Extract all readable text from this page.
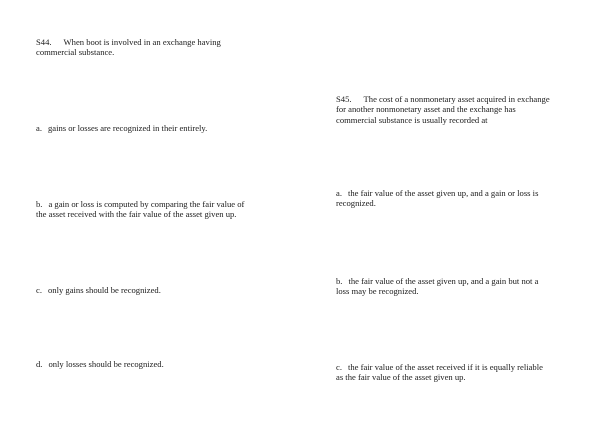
S44. When boot is involved in an exchange having
commercial substance.
a. gains or losses are recognized in their entirely.
b. a gain or loss is computed by comparing the fair value of
the asset received with the fair value of the asset given up.
c. only gains should be recognized.
d. only losses should be recognized.
S45. The cost of a nonmonetary asset acquired in exchange
for another nonmonetary asset and the exchange has
commercial substance is usually recorded at
a. the fair value of the asset given up, and a gain or loss is
recognized.
b. the fair value of the asset given up, and a gain but not a
loss may be recognized.
c. the fair value of the asset received if it is equally reliable
as the fair value of the asset given up.
